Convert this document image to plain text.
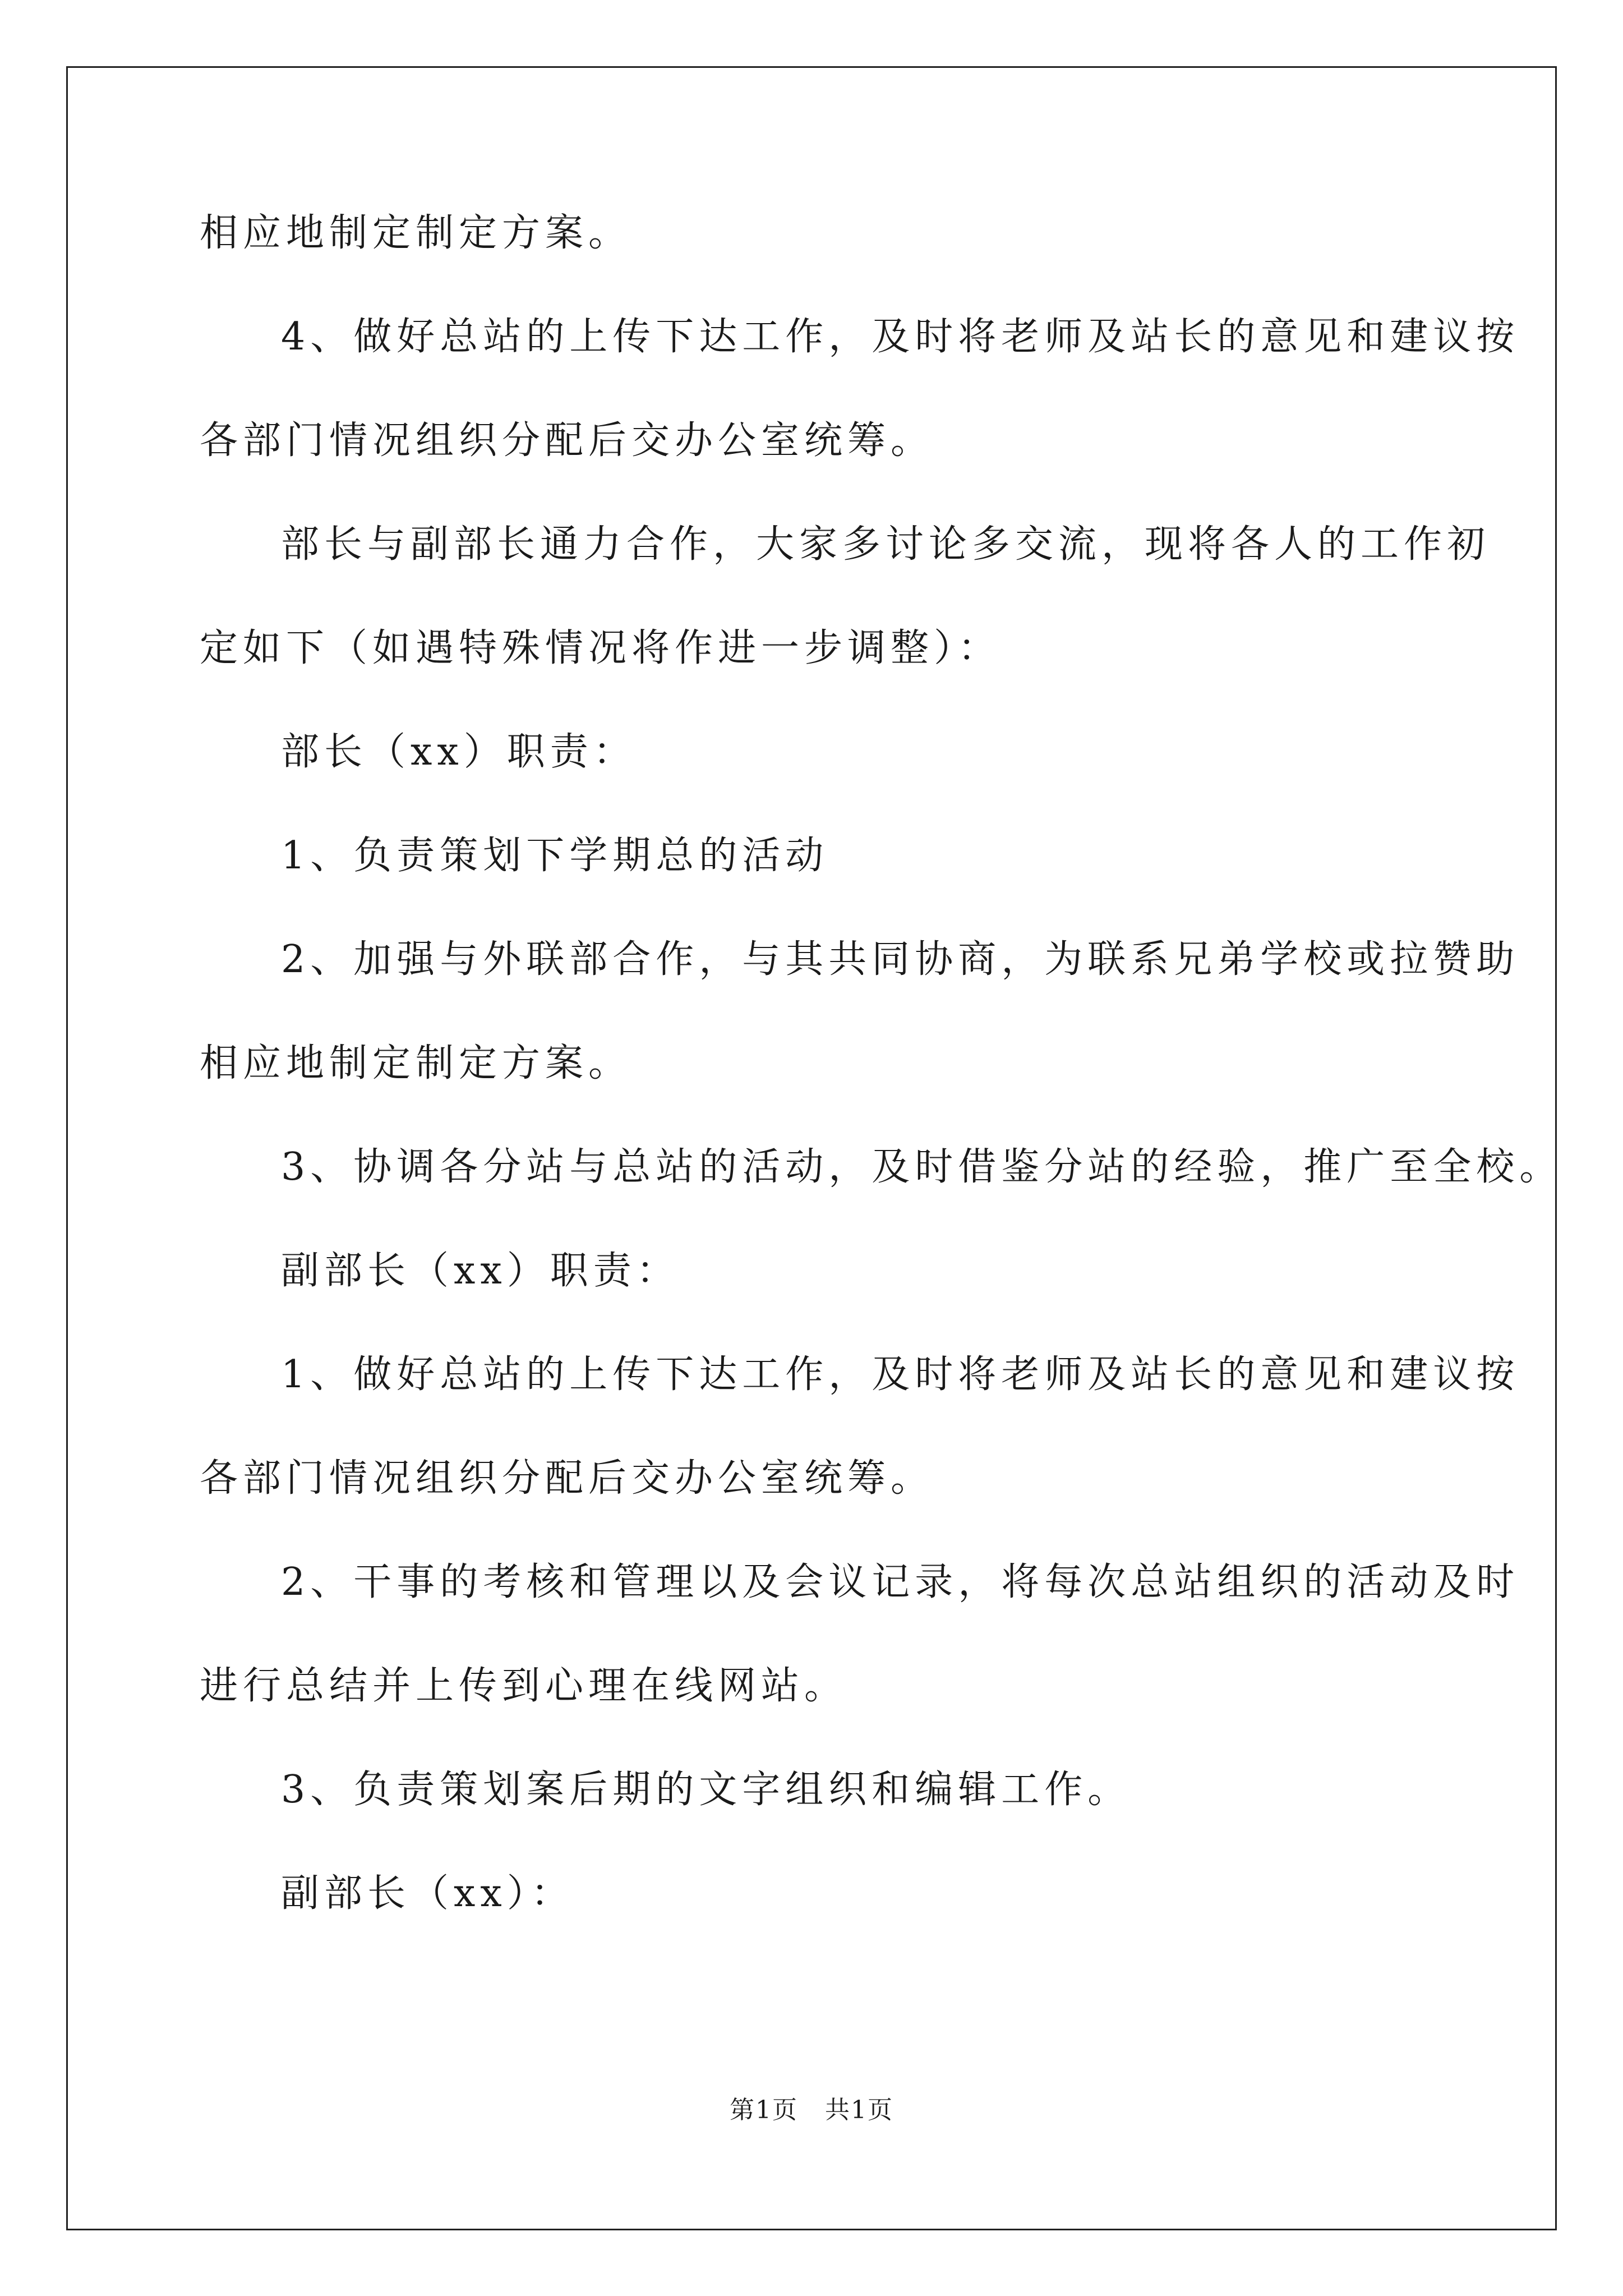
相应地制定制定方案。
4、做好总站的上传下达工作，及时将老师及站长的意见和建议按
各部门情况组织分配后交办公室统筹。
部长与副部长通力合作，大家多讨论多交流，现将各人的工作初
定如下（如遇特殊情况将作进一步调整）：
部长（xx）职责：
1、负责策划下学期总的活动
2、加强与外联部合作，与其共同协商，为联系兄弟学校或拉赞助
相应地制定制定方案。
3、协调各分站与总站的活动，及时借鉴分站的经验，推广至全校。
副部长（xx）职责：
1、做好总站的上传下达工作，及时将老师及站长的意见和建议按
各部门情况组织分配后交办公室统筹。
2、干事的考核和管理以及会议记录，将每次总站组织的活动及时
进行总结并上传到心理在线网站。
3、负责策划案后期的文字组织和编辑工作。
副部长（xx）：
第1页   共1页
